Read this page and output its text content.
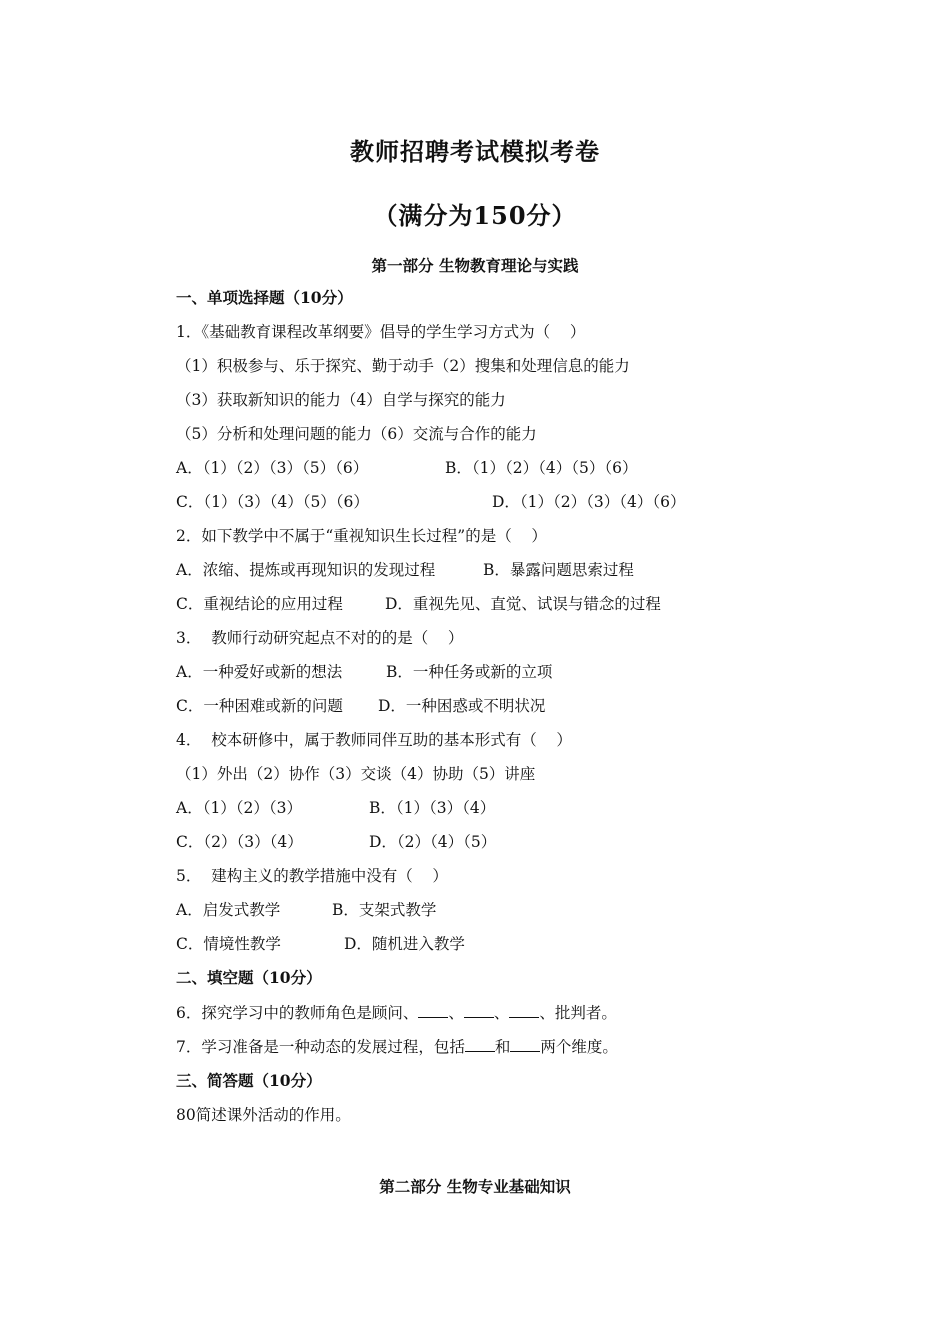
教师招聘考试模拟考卷
（满分为150分）
第一部分 生物教育理论与实践
一、单项选择题（10分）
1．《基础教育课程改革纲要》倡导的学生学习方式为（    ）
（1）积极参与、乐于探究、勤于动手（2）搜集和处理信息的能力
（3）获取新知识的能力（4）自学与探究的能力
（5）分析和处理问题的能力（6）交流与合作的能力
A．（1）（2）（3）（5）（6）	B．（1）（2）（4）（5）（6）
C．（1）（3）（4）（5）（6）	D．（1）（2）（3）（4）（6）
2．如下教学中不属于“重视知识生长过程”的是（    ）
A．浓缩、提炼或再现知识的发现过程	B．暴露问题思索过程
C．重视结论的应用过程	D．重视先见、直觉、试误与错念的过程
3．  教师行动研究起点不对的的是（    ）
A．一种爱好或新的想法	B．一种任务或新的立项
C．一种困难或新的问题 D．一种困惑或不明状况
4．  校本研修中，属于教师同伴互助的基本形式有（    ）
（1）外出（2）协作（3）交谈（4）协助（5）讲座
A．（1）（2）（3）	B．（1）（3）（4）
C．（2）（3）（4）	D．（2）（4）（5）
5．  建构主义的教学措施中没有（    ）
A．启发式教学	B．支架式教学
C．情境性教学	D．随机进入教学
二、填空题（10分）
6．探究学习中的教师角色是顾问、 、 、 、批判者。
7．学习准备是一种动态的发展过程，包括 和 两个维度。
三、简答题（10分）
80简述课外活动的作用。
第二部分 生物专业基础知识
